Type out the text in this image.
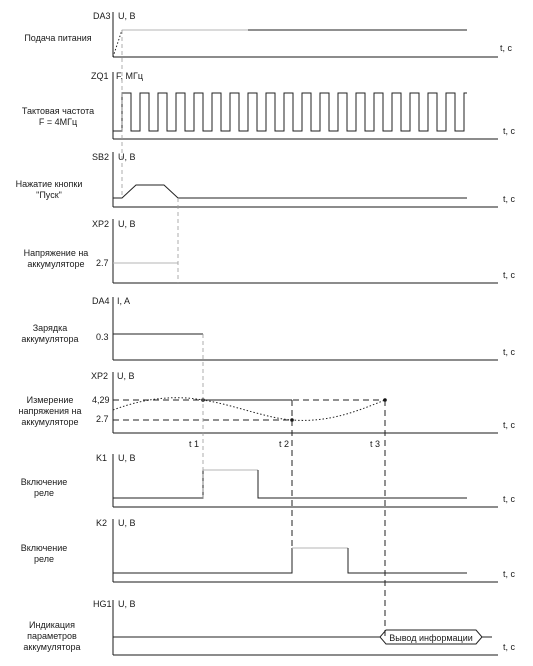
DA3 U, B
Подача питания
t, c
ZQ1 F, МГц
Тактовая частота
F = 4МГц
t, c
SB2 U, B
Нажатие кнопки
"Пуск"	t, c
XP2 U, B
Напряжение на
аккумуляторе 2.7
t, c
DA4 I, A
Зарядка
аккумулятора 0.3
t, c
XP2 U, B
Измерение
напряжения на
аккумуляторе
4,29
2.7
t 1	t 2	t 3
t, c
K1 U, B
Включение
реле
t, c
K2 U, B
Включение
реле
t, c
HG1 U, B
Индикация
параметров
аккумулятора
Вывод информации
t, c
